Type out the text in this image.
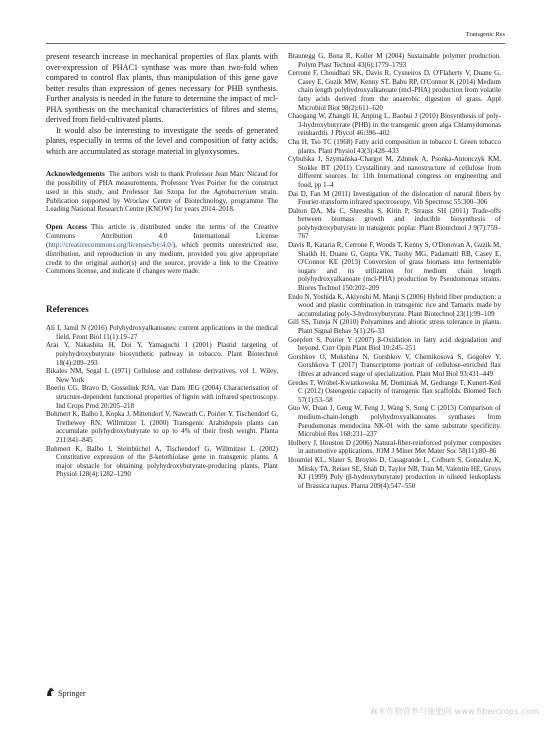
Transgenic Res

present research increase in mechanical properties of flax plants with over-expression of PHAC1 synthase was more than two-fold when compared to control flax plants, thus manipulation of this gene gave better results than expression of genes necessary for PHB synthesis. Further analysis is needed in the future to determine the impact of mcl-PHA synthesis on the mechanical characteristics of fibres and stems, derived from field-cultivated plants.

It would also be interesting to investigate the seeds of generated plants, especially in terms of the level and composition of fatty acids, which are accumulated as storage material in glyoxysomes.

Acknowledgements The authors wish to thank Professor Jean Marc Nicaud for the possibility of PHA measurements, Professor Yves Poirier for the construct used in this study, and Professor Jan Szopa for the Agrobacterium strain. Publication supported by Wroclaw Centre of Biotechnology, programme The Leading National Research Centre (KNOW) for years 2014–2018.

Open Access This article is distributed under the terms of the Creative Commons Attribution 4.0 International License (http://creativecommons.org/licenses/by/4.0/), which permits unrestricted use, distribution, and reproduction in any medium, provided you give appropriate credit to the original author(s) and the source, provide a link to the Creative Commons license, and indicate if changes were made.

References

Ali I, Jamil N (2016) Polyhydroxyalkanoates: current applications in the medical field. Front Biol 11(1):19–27

Arai Y, Nakashita H, Doi Y, Yamaguchi I (2001) Plastid targeting of polyhydroxybutyrate biosynthetic pathway in tobacco. Plant Biotechnol 18(4):289–293

Bikales NM, Segal L (1971) Cellulose and cellulose derivatives, vol 1. Wiley, New York

Boeriu CG, Bravo D, Gosselink RJA, van Dam JEG (2004) Characterisation of structure-dependent functional properties of lignin with infrared spectroscopy. Ind Crops Prod 20:205–218

Bohmert K, Balbo I, Kopka J, Mittendorf V, Nawrath C, Poirier Y, Tischendorf G, Trethewey RN, Willmitzer L (2000) Transgenic Arabidopsis plants can accumulate polyhydroxybutyrate to up to 4% of their fresh weight. Planta 211:841–845

Bohmert K, Balbo I, Steinbüchel A, Tischendorf G, Willmitzer L (2002) Constitutive expression of the β-ketothiolase gene in transgenic plants. A major obstacle for obtaining polyhydroxybutyrate-producing plants. Plant Physiol 128(4):1282–1290

Braunegg G, Bona R, Koller M (2004) Sustainable polymer production. Polym Plast Technol 43(6):1779–1793

Cerrone F, Choudhari SK, Davis R, Cysneiros D, O'Flaherty V, Duane G, Casey E, Guzik MW, Kenny ST, Babu RP, O'Connor K (2014) Medium chain length polyhydroxyalkanoate (mcl-PHA) production from volatile fatty acids derived from the anaerobic digestion of grass. Appl Microbiol Biot 98(2):611–620

Chaogang W, Zhangli H, Anping L, Baohui J (2010) Biosynthesis of poly-3-hydroxybutyrate (PHB) in the transgenic green alga Chlamydomonas reinhardtii. J Phycol 46:396–402

Chu H, Tso TC (1968) Fatty acid composition in tobacco I. Green tobacco plants. Plant Physiol 43(3):428–433

Cybulska J, Szymańska-Chargot M, Zdunek A, Psonka-Antonczyk KM, Stokke BT (2011) Crystallinity and nanostructure of cellulose from different sources. In: 11th International congress on engineering and food, pp 1–4

Dai D, Fan M (2011) Investigation of the dislocation of natural fibers by Fourier-transform infrared spectroscopy. Vib Spectrosc 55:300–306

Dalton DA, Ma C, Shrestha S, Kitin P, Strauss SH (2011) Trade-offs between biomass growth and inducible biosynthesis of polyhydroxybutyrate in transgenic poplar. Plant Biotechnol J 9(7):759–767

Davis R, Kataria R, Cerrone F, Woods T, Kenny S, O'Donovan A, Guzik M, Shaikh H, Duane G, Gupta VK, Tuohy MG, Padamatti RB, Casey E, O'Connor KE (2013) Conversion of grass biomass into fermentable sugars and its utilization for medium chain length polyhydroxyalkanoate (mcl-PHA) production by Pseudomonas strains. Biores Technol 150:202–209

Endo N, Yoshida K, Akiyoshi M, Manji S (2006) Hybrid fiber production: a wood and plastic combination in transgenic rice and Tamarix made by accumulating poly-3-hydroxybutyrate. Plant Biotechnol 23(1):99–109

Gill SS, Tuteja N (2010) Polyamines and abiotic stress tolerance in plants. Plant Signal Behav 5(1):26–33

Goepfert S, Poirier Y (2007) β-Oxidation in fatty acid degradation and beyond. Curr Opin Plant Biol 10:245–251

Gorshkov O, Mokshina N, Gorshkov V, Chemikosova S, Gogolev Y, Gorshkova T (2017) Transcriptome portrait of cellulose-enriched flax fibres at advanced stage of specialization. Plant Mol Biol 93:431–449

Gredes T, Wróbel-Kwiatkowska M, Dominiak M, Gedrange T, Kunert-Keil C (2012) Osteogenic capacity of transgenic flax scaffolds. Biomed Tech 57(1):53–58

Guo W, Duan J, Geng W, Feng J, Wang S, Song C (2013) Comparison of medium-chain-length polyhydroxyalkanoates synthases from Pseudomonas mendocina NK-01 with the same substrate specificity. Microbiol Res 168:231–237

Holbery J, Houston D (2006) Natural-fiber-reinforced polymer composites in automotive applications. JOM J Miner Met Mater Soc 58(11):80–86

Houmiel KL, Slater S, Broyles D, Casagrande L, Colburn S, Gonzalez K, Mitsky TA, Reiser SE, Shah D, Taylor NB, Tran M, Valentin HE, Gruys KJ (1999) Poly (β-hydroxybutyrate) production in oilseed leukoplasts of Brassica napus. Planta 209(4):547–550

Springer
麻米作物营养与施肥网 www.fibercrops.com
